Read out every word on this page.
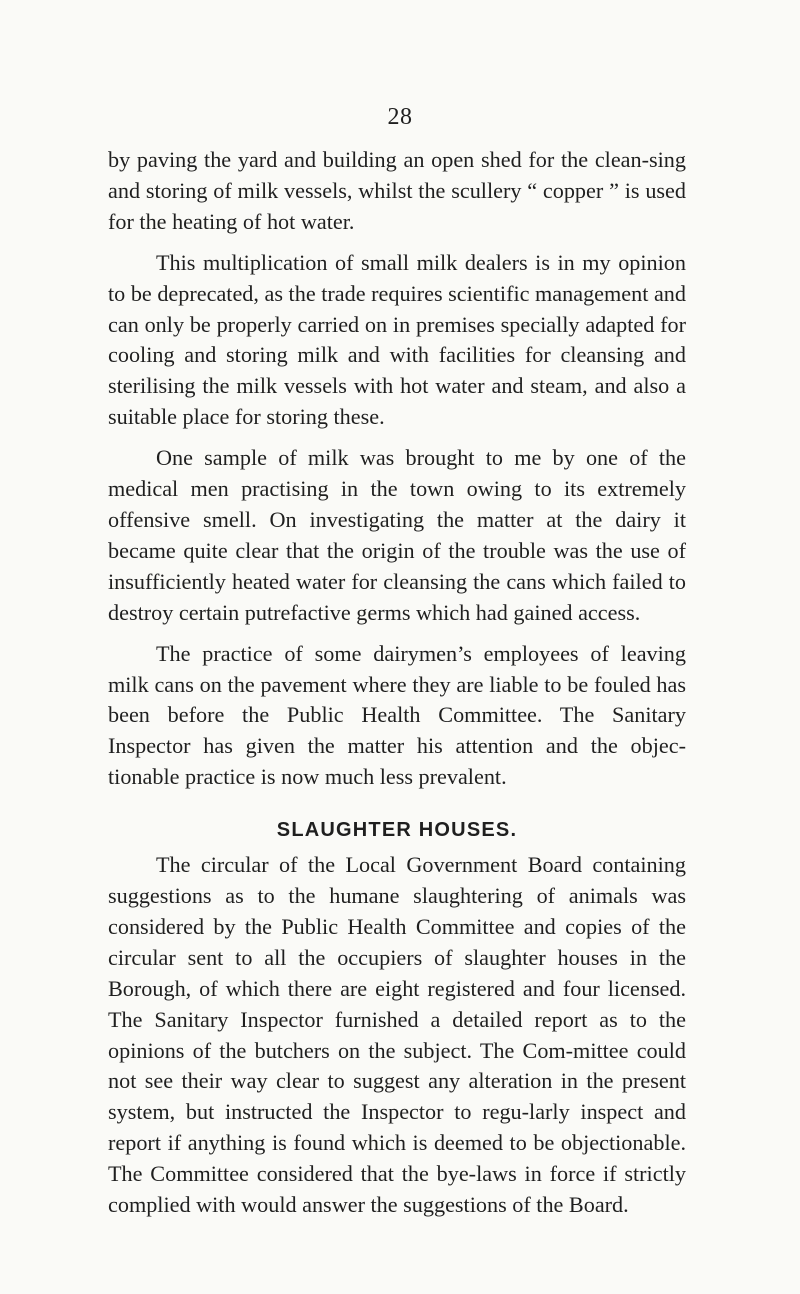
28

by paving the yard and building an open shed for the clean-sing and storing of milk vessels, whilst the scullery “ copper ” is used for the heating of hot water.

This multiplication of small milk dealers is in my opinion to be deprecated, as the trade requires scientific management and can only be properly carried on in premises specially adapted for cooling and storing milk and with facilities for cleansing and sterilising the milk vessels with hot water and steam, and also a suitable place for storing these.

One sample of milk was brought to me by one of the medical men practising in the town owing to its extremely offensive smell. On investigating the matter at the dairy it became quite clear that the origin of the trouble was the use of insufficiently heated water for cleansing the cans which failed to destroy certain putrefactive germs which had gained access.

The practice of some dairymen’s employees of leaving milk cans on the pavement where they are liable to be fouled has been before the Public Health Committee. The Sanitary Inspector has given the matter his attention and the objec-tionable practice is now much less prevalent.

SLAUGHTER HOUSES.

The circular of the Local Government Board containing suggestions as to the humane slaughtering of animals was considered by the Public Health Committee and copies of the circular sent to all the occupiers of slaughter houses in the Borough, of which there are eight registered and four licensed. The Sanitary Inspector furnished a detailed report as to the opinions of the butchers on the subject. The Com-mittee could not see their way clear to suggest any alteration in the present system, but instructed the Inspector to regu-larly inspect and report if anything is found which is deemed to be objectionable. The Committee considered that the bye-laws in force if strictly complied with would answer the suggestions of the Board.
